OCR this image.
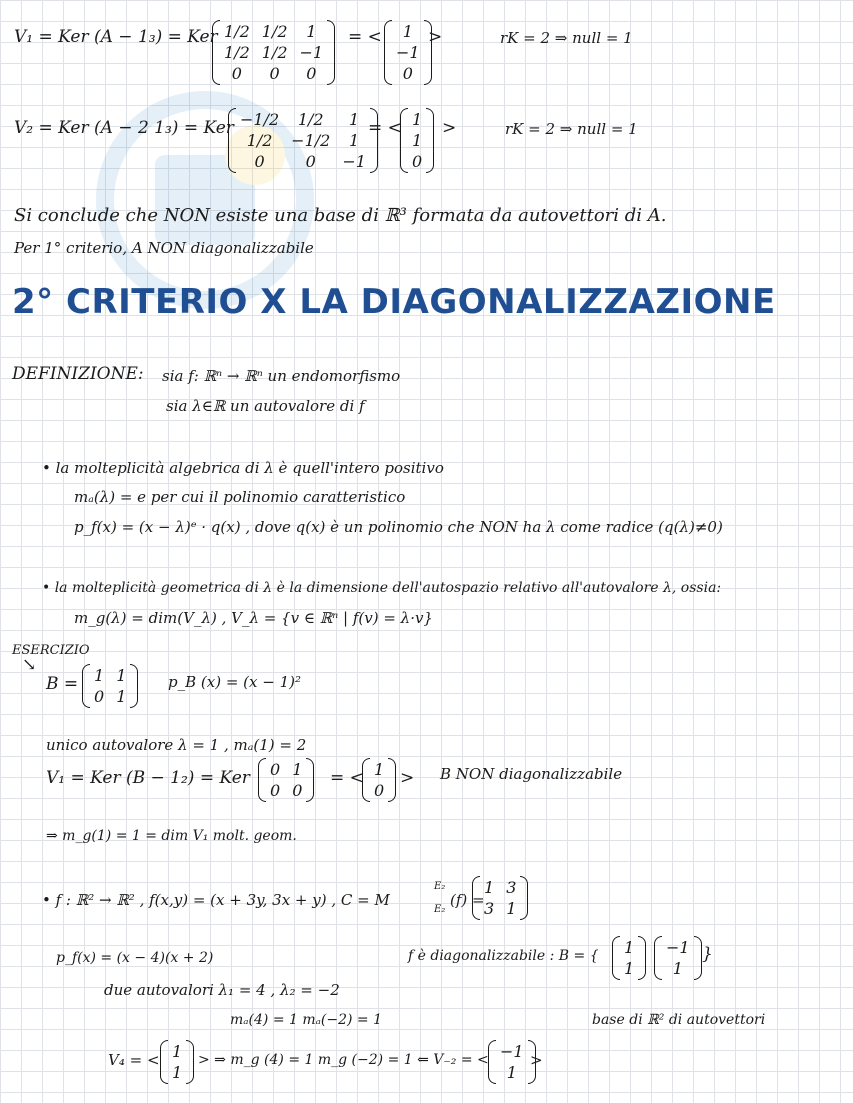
V₁ = Ker (A − 1₃) = Ker 1/2 1/2	1
1/2 1/2 −1
0	0	0
= <	1
−1
0
>	rK = 2 ⇒ null = 1
V₂ = Ker (A − 2 1₃) = Ker −1/2	1/2	1
1/2	−1/2	1
0	0	−1
= < 1
1
0
>	rK = 2 ⇒ null = 1
Si conclude che NON esiste una base di ℝ³ formata da autovettori di A.
Per 1° criterio, A NON diagonalizzabile
2° CRITERIO X LA DIAGONALIZZAZIONE
DEFINIZIONE: sia f: ℝⁿ → ℝⁿ un endomorfismo
sia λ∈ℝ un autovalore di f
• la molteplicità algebrica di λ è quell'intero positivo
mₐ(λ) = e per cui il polinomio caratteristico
p_f(x) = (x − λ)ᵉ · q(x) , dove q(x) è un polinomio che NON ha λ come radice (q(λ)≠0)
• la molteplicità geometrica di λ è la dimensione dell'autospazio relativo all'autovalore λ, ossia:
m_g(λ) = dim(V_λ) , V_λ = {v ∈ ℝⁿ | f(v) = λ·v}
ESERCIZIO
↘
B = 1 1
0 1
p_B (x) = (x − 1)²
unico autovalore λ = 1 , mₐ(1) = 2
V₁ = Ker (B − 1₂) = Ker 0 1
0 0
= < 1
0
> B NON diagonalizzabile
⇒ m_g(1) = 1 = dim V₁ molt. geom.
• f : ℝ² → ℝ² , f(x,y) = (x + 3y, 3x + y) , C = M
E₂
E₂
(f) =
1 3
3 1
p_f(x) = (x − 4)(x + 2)	f è diagonalizzabile : B = { 1
1
−1
1
}
due autovalori λ₁ = 4 , λ₂ = −2
mₐ(4) = 1 mₐ(−2) = 1	base di ℝ² di autovettori
V₄ = < 1
1
> ⇒ m_g (4) = 1 m_g (−2) = 1 ⇐ V₋₂ = < −1
1
>
